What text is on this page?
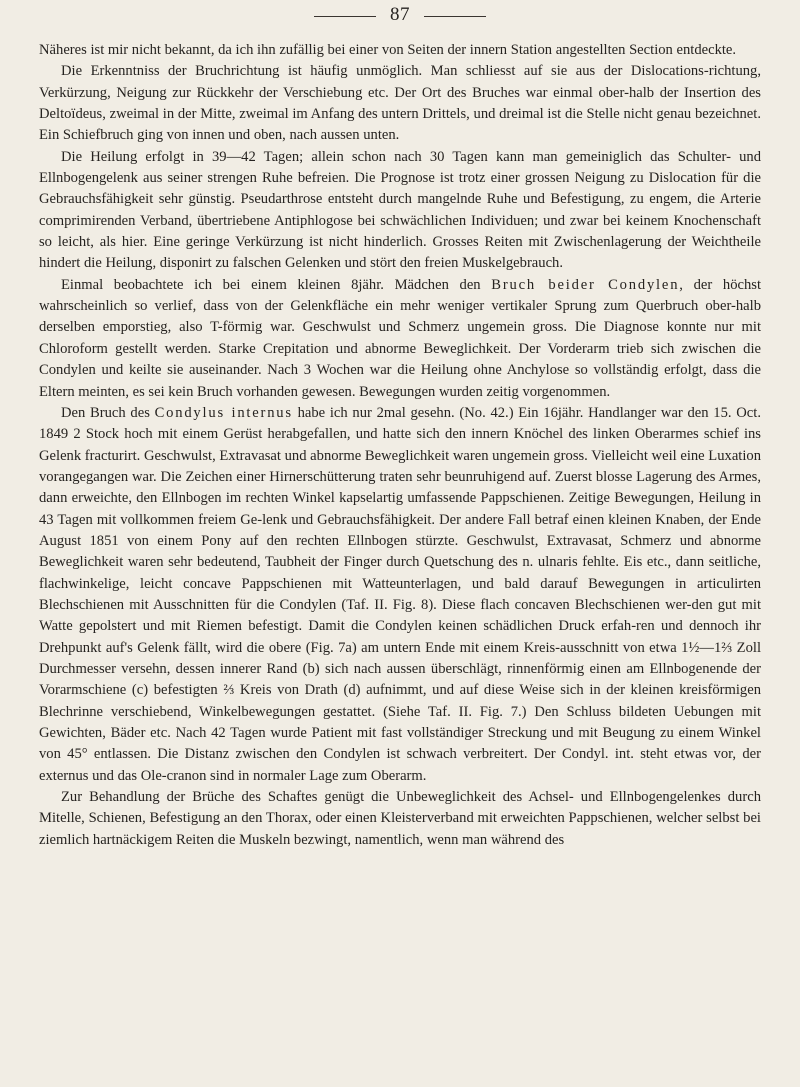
87

Näheres ist mir nicht bekannt, da ich ihn zufällig bei einer von Seiten der innern Station angestellten Section entdeckte.

Die Erkenntniss der Bruchrichtung ist häufig unmöglich. Man schliesst auf sie aus der Dislocations-richtung, Verkürzung, Neigung zur Rückkehr der Verschiebung etc. Der Ort des Bruches war einmal ober-halb der Insertion des Deltoïdeus, zweimal in der Mitte, zweimal im Anfang des untern Drittels, und dreimal ist die Stelle nicht genau bezeichnet. Ein Schiefbruch ging von innen und oben, nach aussen unten.

Die Heilung erfolgt in 39—42 Tagen; allein schon nach 30 Tagen kann man gemeiniglich das Schulter- und Ellnbogengelenk aus seiner strengen Ruhe befreien. Die Prognose ist trotz einer grossen Neigung zu Dislocation für die Gebrauchsfähigkeit sehr günstig. Pseudarthrose entsteht durch mangelnde Ruhe und Befestigung, zu engem, die Arterie comprimirenden Verband, übertriebene Antiphlogose bei schwächlichen Individuen; und zwar bei keinem Knochenschaft so leicht, als hier. Eine geringe Verkürzung ist nicht hinderlich. Grosses Reiten mit Zwischenlagerung der Weichtheile hindert die Heilung, disponirt zu falschen Gelenken und stört den freien Muskelgebrauch.

Einmal beobachtete ich bei einem kleinen 8jähr. Mädchen den Bruch beider Condylen, der höchst wahrscheinlich so verlief, dass von der Gelenkfläche ein mehr weniger vertikaler Sprung zum Querbruch ober-halb derselben emporstieg, also T-förmig war. Geschwulst und Schmerz ungemein gross. Die Diagnose konnte nur mit Chloroform gestellt werden. Starke Crepitation und abnorme Beweglichkeit. Der Vorderarm trieb sich zwischen die Condylen und keilte sie auseinander. Nach 3 Wochen war die Heilung ohne Anchylose so vollständig erfolgt, dass die Eltern meinten, es sei kein Bruch vorhanden gewesen. Bewegungen wurden zeitig vorgenommen.

Den Bruch des Condylus internus habe ich nur 2mal gesehn. (No. 42.) Ein 16jähr. Handlanger war den 15. Oct. 1849 2 Stock hoch mit einem Gerüst herabgefallen, und hatte sich den innern Knöchel des linken Oberarmes schief ins Gelenk fracturirt. Geschwulst, Extravasat und abnorme Beweglichkeit waren ungemein gross. Vielleicht weil eine Luxation vorangegangen war. Die Zeichen einer Hirnerschütterung traten sehr beunruhigend auf. Zuerst blosse Lagerung des Armes, dann erweichte, den Ellnbogen im rechten Winkel kapselartig umfassende Pappschienen. Zeitige Bewegungen, Heilung in 43 Tagen mit vollkommen freiem Ge-lenk und Gebrauchsfähigkeit. Der andere Fall betraf einen kleinen Knaben, der Ende August 1851 von einem Pony auf den rechten Ellnbogen stürzte. Geschwulst, Extravasat, Schmerz und abnorme Beweglichkeit waren sehr bedeutend, Taubheit der Finger durch Quetschung des n. ulnaris fehlte. Eis etc., dann seitliche, flachwinkelige, leicht concave Pappschienen mit Watteunterlagen, und bald darauf Bewegungen in articulirten Blechschienen mit Ausschnitten für die Condylen (Taf. II. Fig. 8). Diese flach concaven Blechschienen wer-den gut mit Watte gepolstert und mit Riemen befestigt. Damit die Condylen keinen schädlichen Druck erfah-ren und dennoch ihr Drehpunkt auf's Gelenk fällt, wird die obere (Fig. 7a) am untern Ende mit einem Kreis-ausschnitt von etwa 1½—1⅔ Zoll Durchmesser versehn, dessen innerer Rand (b) sich nach aussen überschlägt, rinnenförmig einen am Ellnbogenende der Vorarmschiene (c) befestigten ⅔ Kreis von Drath (d) aufnimmt, und auf diese Weise sich in der kleinen kreisförmigen Blechrinne verschiebend, Winkelbewegungen gestattet. (Siehe Taf. II. Fig. 7.) Den Schluss bildeten Uebungen mit Gewichten, Bäder etc. Nach 42 Tagen wurde Patient mit fast vollständiger Streckung und mit Beugung zu einem Winkel von 45° entlassen. Die Distanz zwischen den Condylen ist schwach verbreitert. Der Condyl. int. steht etwas vor, der externus und das Ole-cranon sind in normaler Lage zum Oberarm.

Zur Behandlung der Brüche des Schaftes genügt die Unbeweglichkeit des Achsel- und Ellnbogengelenkes durch Mitelle, Schienen, Befestigung an den Thorax, oder einen Kleisterverband mit erweichten Pappschienen, welcher selbst bei ziemlich hartnäckigem Reiten die Muskeln bezwingt, namentlich, wenn man während des
